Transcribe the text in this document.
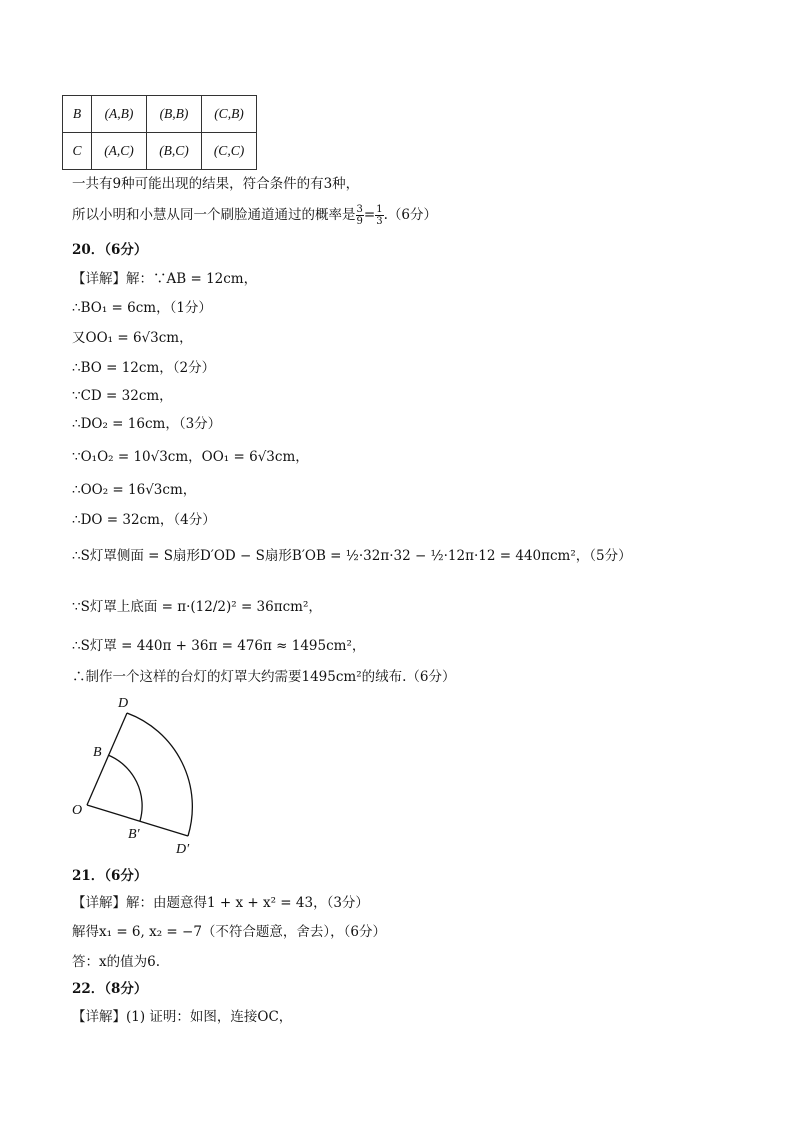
B	(A,B)	(B,B)	(C,B)
C	(A,C)	(B,C)	(C,C)
一共有9种可能出现的结果，符合条件的有3种，
所以小明和小慧从同一个刷脸通道通过的概率是 $\frac{3}{9} = \frac{1}{3} .(6$分）
20．（6分）
【详解】解：∵AB = 12cm，
∴BO₁ = 6cm，（1分）
又OO₁ = 6√3cm，
∴BO = 12cm，（2分）
∵CD = 32cm，
∴DO₂ = 16cm，（3分）
∵O₁O₂ = 10√3cm，OO₁ = 6√3cm，
∴OO₂ = 16√3cm，
∴DO = 32cm，（4分）
∴S灯罩侧面 = S扇形D′OD − S扇形B′OB = ½·32π·32 − ½·12π·12 = 440πcm²，（5分）
∵S灯罩上底面 = π·(12/2)² = 36πcm²，
∴S灯罩 = 440π + 36π = 476π ≈ 1495cm²，
∴制作一个这样的台灯的灯罩大约需要1495cm²的绒布.（6分）
D
B
O
B′
D′
21．（6分）
【详解】解：由题意得1 + x + x² = 43，（3分）
解得x₁ = 6, x₂ = −7（不符合题意，舍去），（6分）
答：x的值为6.
22．（8分）
【详解】(1) 证明：如图，连接OC，
